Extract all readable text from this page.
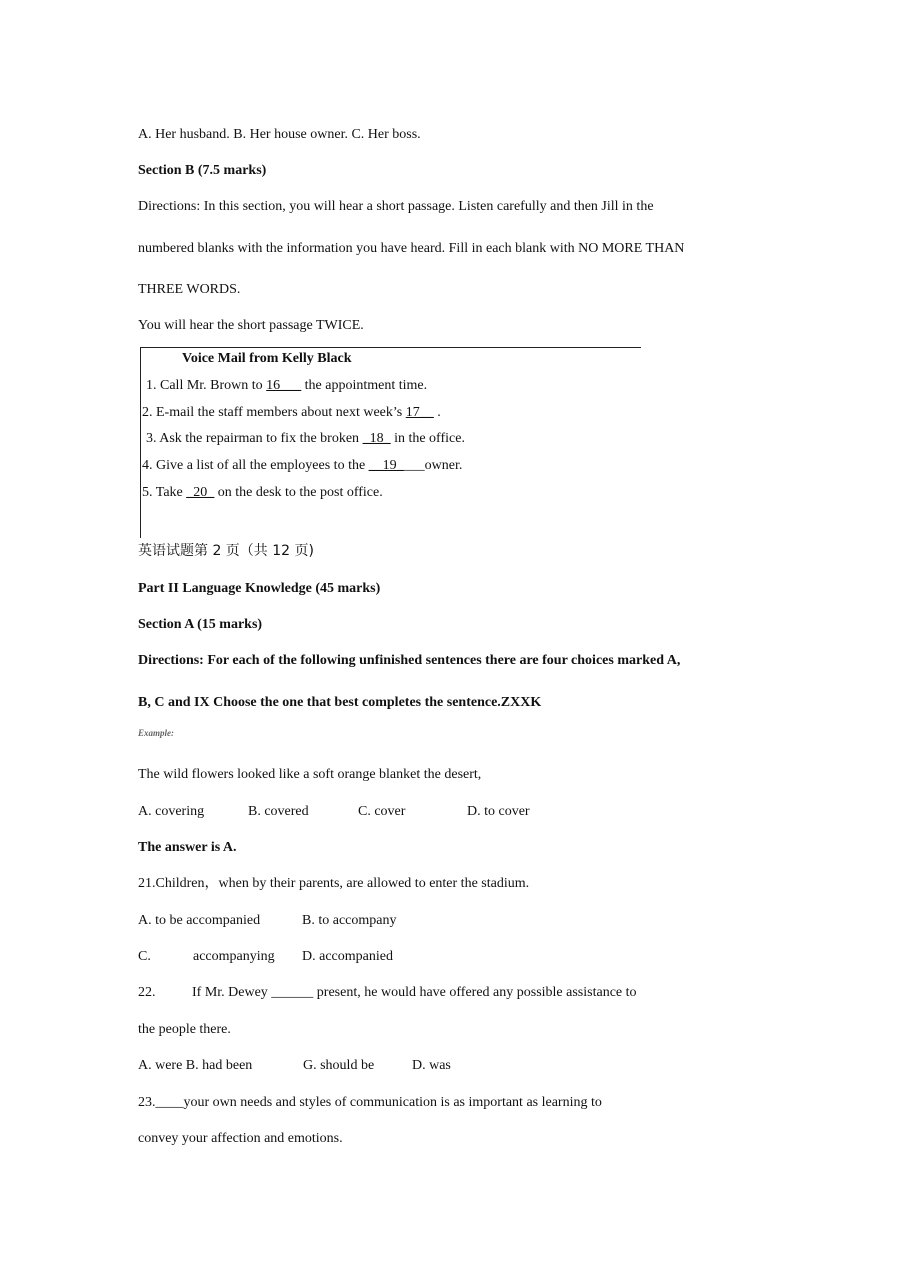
A. Her husband. B. Her house owner. C. Her boss.
Section B (7.5 marks)
Directions: In this section, you will hear a short passage. Listen carefully and then Jill in the
numbered blanks with the information you have heard. Fill in each blank with NO MORE THAN
THREE WORDS.
You will hear the short passage TWICE.
Voice Mail from Kelly Black
1. Call Mr. Brown to 16___ the appointment time.
2. E-mail the staff members about next week’s 17__ .
3. Ask the repairman to fix the broken _18_ in the office.
4. Give a list of all the employees to the __19____owner.
5. Take _20_ on the desk to the post office.
英语试题第 2 页（共 12 页)
Part II Language Knowledge (45 marks)
Section A (15 marks)
Directions: For each of the following unfinished sentences there are four choices marked A,
B, C and IX Choose the one that best completes the sentence.ZXXK
Example:
The wild flowers looked like a soft orange blanket the desert,
A. covering	B. covered	C. cover	D. to cover
The answer is A.
21.Children，when by their parents, are allowed to enter the stadium.
A. to be accompanied	B. to accompany
C.	accompanying D. accompanied
22.	If Mr. Dewey ______ present, he would have offered any possible assistance to
the people there.
A. were B. had been	G. should be	D. was
23.____your own needs and styles of communication is as important as learning to
convey your affection and emotions.
